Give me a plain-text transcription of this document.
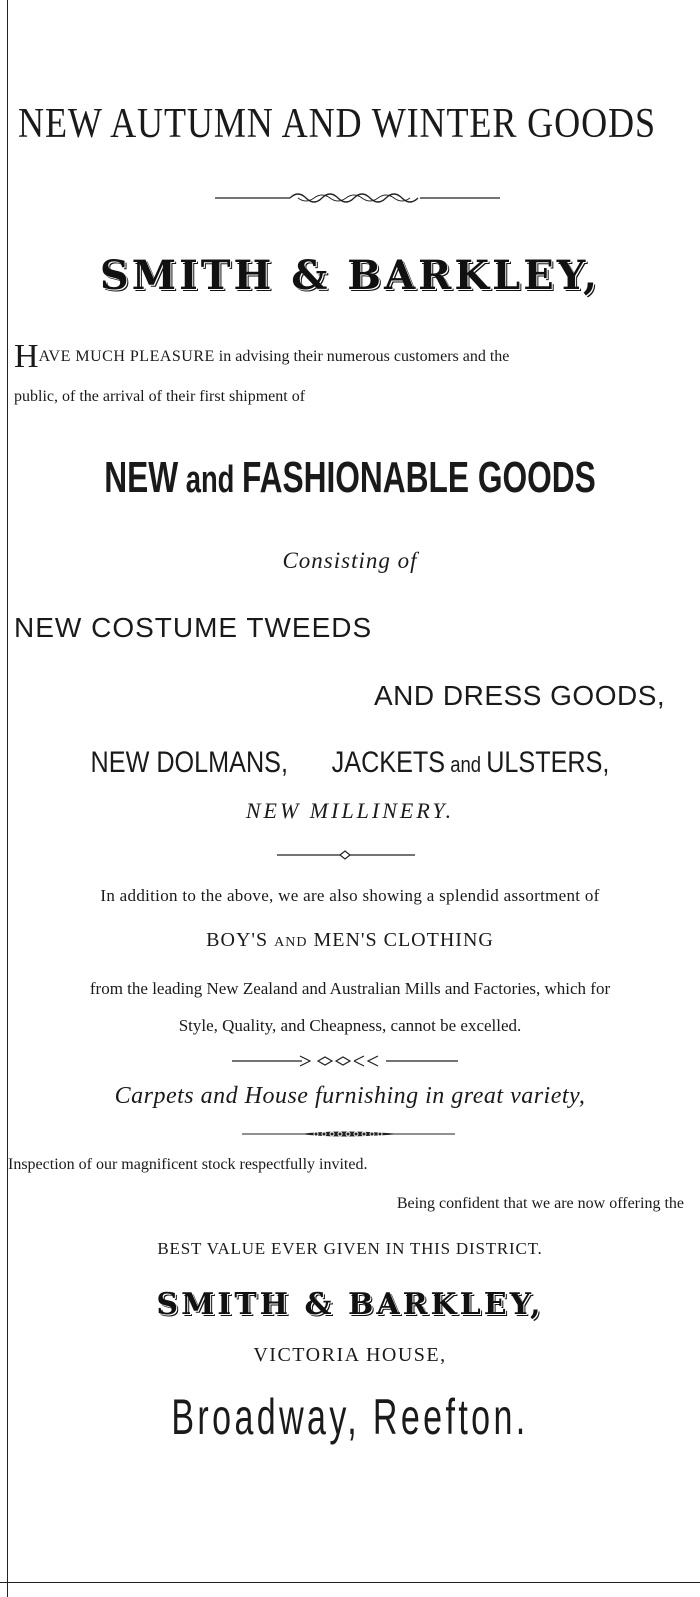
NEW AUTUMN AND WINTER GOODS
SMITH & BARKLEY,
HAVE MUCH PLEASURE in advising their numerous customers and the
public, of the arrival of their first shipment of
NEW and FASHIONABLE GOODS
Consisting of
NEW COSTUME TWEEDS
AND DRESS GOODS,
NEW DOLMANS, JACKETS and ULSTERS,
NEW MILLINERY.
In addition to the above, we are also showing a splendid assortment of
BOY'S AND MEN'S CLOTHING
from the leading New Zealand and Australian Mills and Factories, which for
Style, Quality, and Cheapness, cannot be excelled.
Carpets and House furnishing in great variety,
Inspection of our magnificent stock respectfully invited.
Being confident that we are now offering the
BEST VALUE EVER GIVEN IN THIS DISTRICT.
SMITH & BARKLEY,
VICTORIA HOUSE,
Broadway, Reefton.
